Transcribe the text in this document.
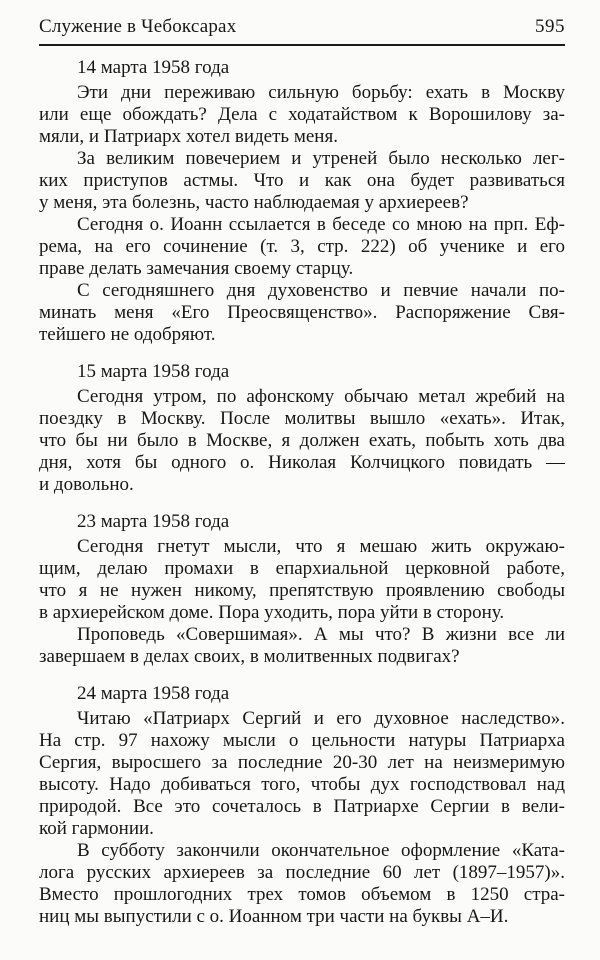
Служение в Чебоксарах	595
14 марта 1958 года
Эти дни переживаю сильную борьбу: ехать в Москву
или еще обождать? Дела с ходатайством к Ворошилову за-
мяли, и Патриарх хотел видеть меня.
За великим повечерием и утреней было несколько лег-
ких приступов астмы. Что и как она будет развиваться
у меня, эта болезнь, часто наблюдаемая у архиереев?
Сегодня о. Иоанн ссылается в беседе со мною на прп. Еф-
рема, на его сочинение (т. 3, стр. 222) об ученике и его
праве делать замечания своему старцу.
С сегодняшнего дня духовенство и певчие начали по-
минать меня «Его Преосвященство». Распоряжение Свя-
тейшего не одобряют.
15 марта 1958 года
Сегодня утром, по афонскому обычаю метал жребий на
поездку в Москву. После молитвы вышло «ехать». Итак,
что бы ни было в Москве, я должен ехать, побыть хоть два
дня, хотя бы одного о. Николая Колчицкого повидать —
и довольно.
23 марта 1958 года
Сегодня гнетут мысли, что я мешаю жить окружаю-
щим, делаю промахи в епархиальной церковной работе,
что я не нужен никому, препятствую проявлению свободы
в архиерейском доме. Пора уходить, пора уйти в сторону.
Проповедь «Совершимая». А мы что? В жизни все ли
завершаем в делах своих, в молитвенных подвигах?
24 марта 1958 года
Читаю «Патриарх Сергий и его духовное наследство».
На стр. 97 нахожу мысли о цельности натуры Патриарха
Сергия, выросшего за последние 20-30 лет на неизмеримую
высоту. Надо добиваться того, чтобы дух господствовал над
природой. Все это сочеталось в Патриархе Сергии в вели-
кой гармонии.
В субботу закончили окончательное оформление «Ката-
лога русских архиереев за последние 60 лет (1897–1957)».
Вместо прошлогодних трех томов объемом в 1250 стра-
ниц мы выпустили с о. Иоанном три части на буквы А–И.
